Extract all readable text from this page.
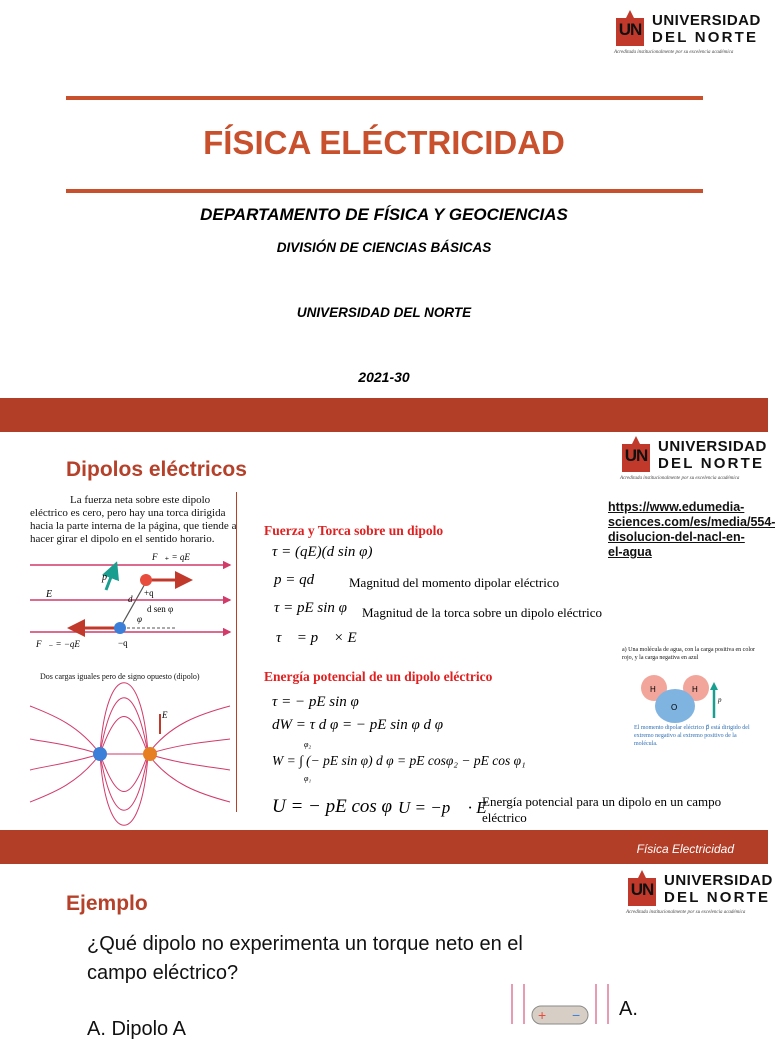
UN UNIVERSIDAD
DEL NORTE
Acreditada institucionalmente por su excelencia académica
FÍSICA ELÉCTRICIDAD
DEPARTAMENTO DE FÍSICA Y GEOCIENCIAS
DIVISIÓN DE CIENCIAS BÁSICAS
UNIVERSIDAD DEL NORTE
2021-30
Dipolos eléctricos
UN UNIVERSIDAD
DEL NORTE
Acreditada institucionalmente por su excelencia académica
La fuerza neta sobre este dipolo eléctrico es cero, pero hay una torca dirigida hacia la parte interna de la página, que tiende a hacer girar el dipolo en el sentido horario.
F⃗₊ = qE⃗
F⃗₋ = −qE⃗
E⃗
p⃗
+q
−q
d
d sen φ
φ
Dos cargas iguales pero de signo opuesto (dipolo)
E⃗
Fuerza y Torca sobre un dipolo
τ = (qE)(d sin φ)
p = qd	Magnitud del momento dipolar eléctrico
τ = pE sin φ Magnitud de la torca sobre un dipolo eléctrico
τ⃗ = p⃗ × E⃗
Energía potencial de un dipolo eléctrico
τ = − pE sin φ
dW = τ d φ = − pE sin φ d φ
φ₂
W = ∫ (− pE sin φ) d φ = pE cosφ₂ − pE cos φ₁
φ₁
U = − pE cos φ U = −p⃗ · E⃗
Energía potencial para un dipolo en un campo eléctrico
https://www.edumedia-sciences.com/es/media/554-disolucion-del-nacl-en-el-agua
a) Una molécula de agua, con la carga positiva en color rojo, y la carga negativa en azul
H	H
O
p⃗
El momento dipolar eléctrico p⃗ está dirigido del extremo negativo al extremo positivo de la molécula.
Física Electricidad
Ejemplo
UN UNIVERSIDAD
DEL NORTE
Acreditada institucionalmente por su excelencia académica
¿Qué dipolo no experimenta un torque neto en el campo eléctrico?
A. Dipolo A
+ − A.
